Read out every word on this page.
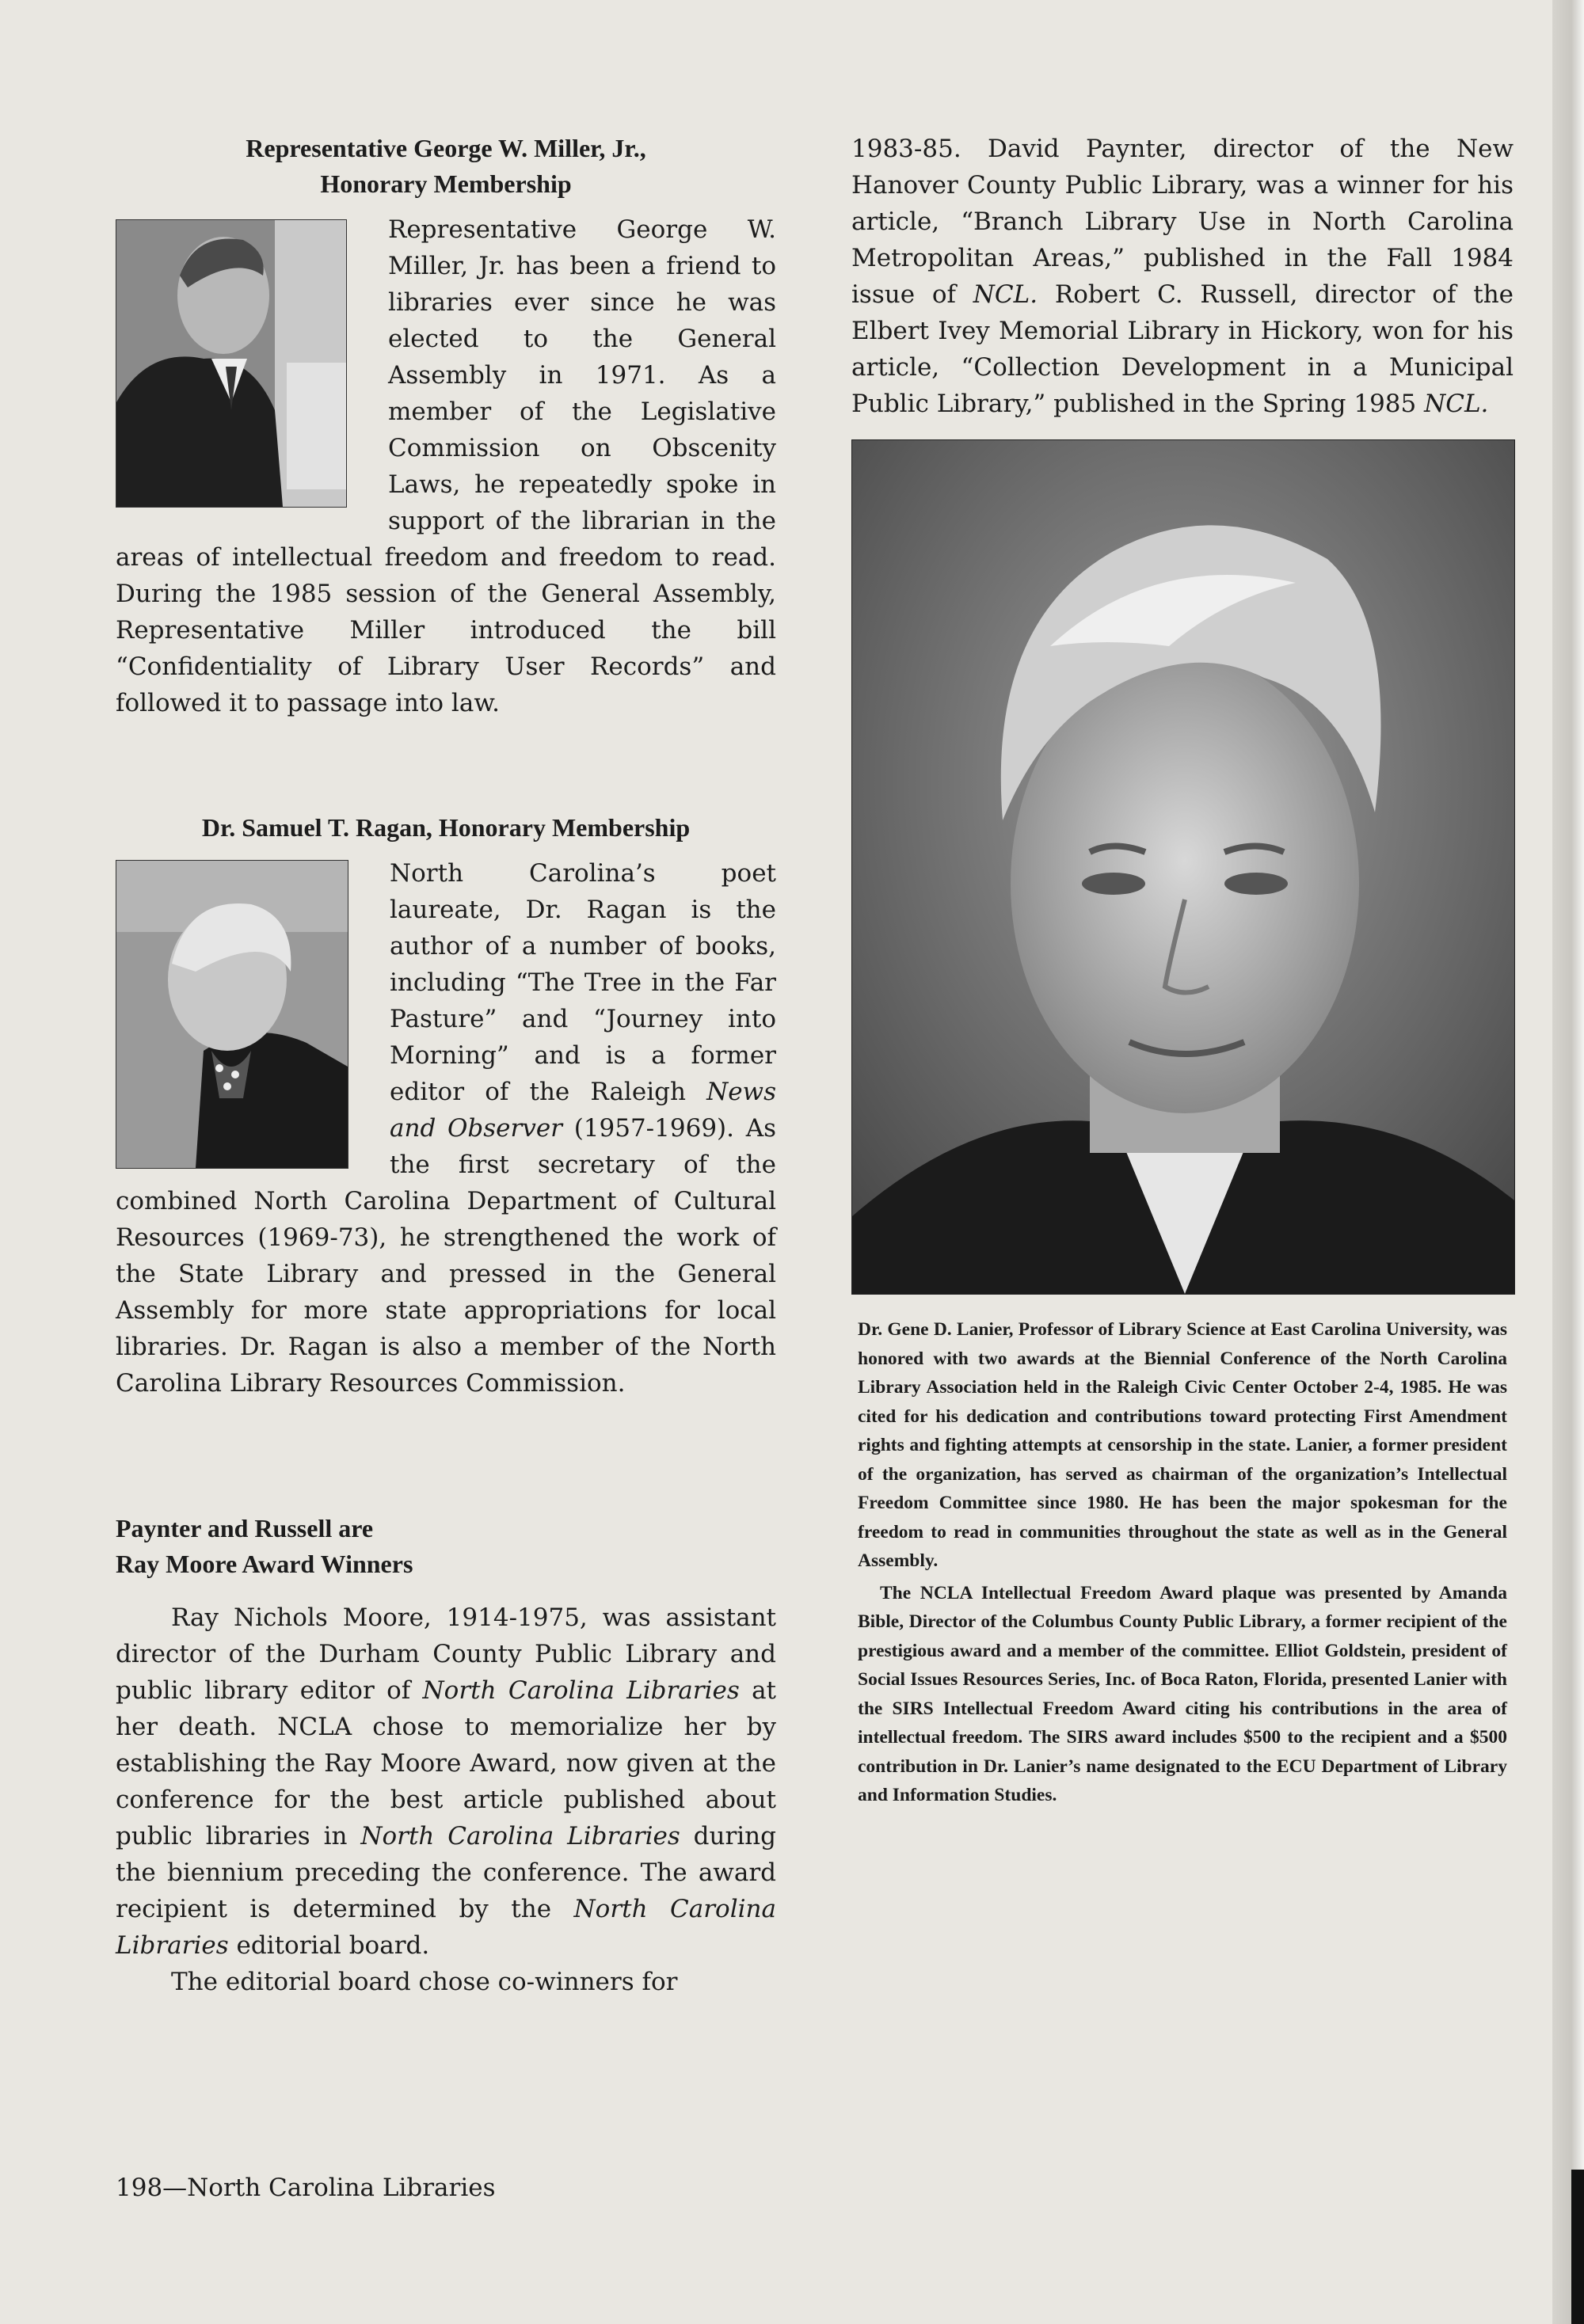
Representative George W. Miller, Jr.,

Honorary Membership

Representative George W. Miller, Jr. has been a friend to libraries ever since he was elected to the General Assembly in 1971. As a member of the Legislative Commission on Obscenity Laws, he repeatedly spoke in support of the librarian in the areas of intellectual freedom and freedom to read. During the 1985 session of the General Assembly, Representative Miller introduced the bill “Confidentiality of Library User Records” and followed it to passage into law.

Dr. Samuel T. Ragan, Honorary Membership

North Carolina’s poet laureate, Dr. Ragan is the author of a number of books, including “The Tree in the Far Pasture” and “Journey into Morning” and is a former editor of the Raleigh News and Observer (1957-1969). As the first secretary of the combined North Carolina Department of Cultural Resources (1969-73), he strengthened the work of the State Library and pressed in the General Assembly for more state appropriations for local libraries. Dr. Ragan is also a member of the North Carolina Library Resources Commission.

Paynter and Russell are

Ray Moore Award Winners

Ray Nichols Moore, 1914-1975, was assistant director of the Durham County Public Library and public library editor of North Carolina Libraries at her death. NCLA chose to memorialize her by establishing the Ray Moore Award, now given at the conference for the best article published about public libraries in North Carolina Libraries during the biennium preceding the conference. The award recipient is determined by the North Carolina Libraries editorial board.

The editorial board chose co-winners for

1983-85. David Paynter, director of the New Hanover County Public Library, was a winner for his article, “Branch Library Use in North Carolina Metropolitan Areas,” published in the Fall 1984 issue of NCL. Robert C. Russell, director of the Elbert Ivey Memorial Library in Hickory, won for his article, “Collection Development in a Municipal Public Library,” published in the Spring 1985 NCL.

Dr. Gene D. Lanier, Professor of Library Science at East Carolina University, was honored with two awards at the Biennial Conference of the North Carolina Library Association held in the Raleigh Civic Center October 2-4, 1985. He was cited for his dedication and contributions toward protecting First Amendment rights and fighting attempts at censorship in the state. Lanier, a former president of the organization, has served as chairman of the organization’s Intellectual Freedom Committee since 1980. He has been the major spokesman for the freedom to read in communities throughout the state as well as in the General Assembly.

The NCLA Intellectual Freedom Award plaque was presented by Amanda Bible, Director of the Columbus County Public Library, a former recipient of the prestigious award and a member of the committee. Elliot Goldstein, president of Social Issues Resources Series, Inc. of Boca Raton, Florida, presented Lanier with the SIRS Intellectual Freedom Award citing his contributions in the area of intellectual freedom. The SIRS award includes $500 to the recipient and a $500 contribution in Dr. Lanier’s name designated to the ECU Department of Library and Information Studies.

198—North Carolina Libraries
